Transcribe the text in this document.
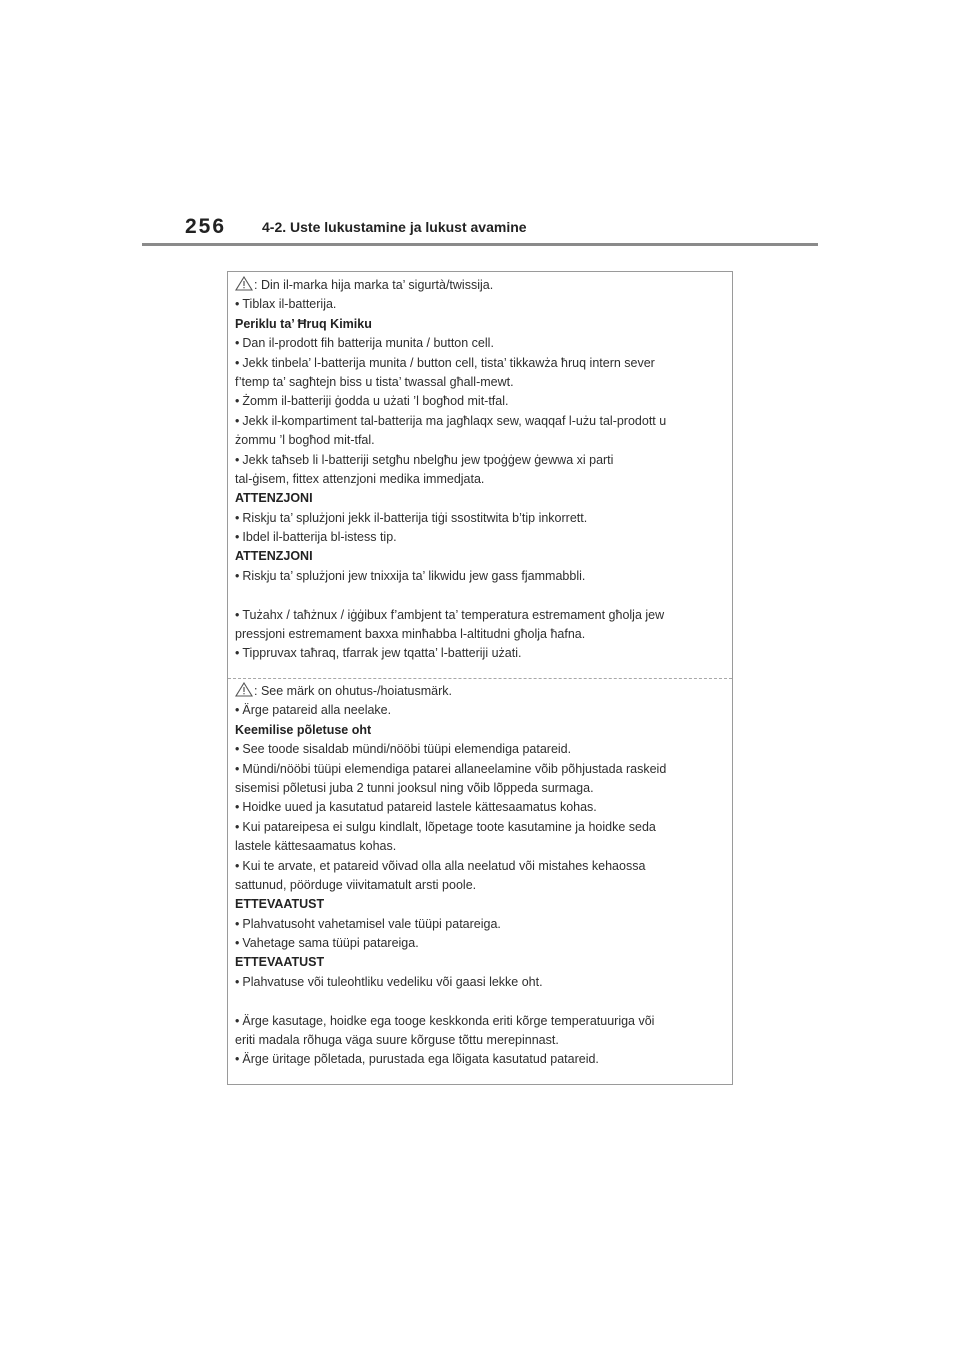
256	4-2. Uste lukustamine ja lukust avamine
: Din il-marka hija marka ta’ sigurtà/twissija.
• Tiblax il-batterija.
Periklu ta’ Ħruq Kimiku
• Dan il-prodott fih batterija munita / button cell.
• Jekk tinbela’ l-batterija munita / button cell, tista’ tikkawża ħruq intern sever
f’temp ta’ sagħtejn biss u tista’ twassal għall-mewt.
• Żomm il-batteriji ġodda u użati ’l bogħod mit-tfal.
• Jekk il-kompartiment tal-batterija ma jagħlaqx sew, waqqaf l-użu tal-prodott u
żommu ’l bogħod mit-tfal.
• Jekk taħseb li l-batteriji setgħu nbelgħu jew tpoġġew ġewwa xi parti
tal-ġisem, fittex attenzjoni medika immedjata.
ATTENZJONI
• Riskju ta’ splużjoni jekk il-batterija tiġi ssostitwita b’tip inkorrett.
• Ibdel il-batterija bl-istess tip.
ATTENZJONI
• Riskju ta’ splużjoni jew tnixxija ta’ likwidu jew gass fjammabbli.
• Tużahx / taħżnux / iġġibux f’ambjent ta’ temperatura estremament għolja jew
pressjoni estremament baxxa minħabba l-altitudni għolja ħafna.
• Tippruvax taħraq, tfarrak jew tqatta’ l-batteriji użati.
: See märk on ohutus-/hoiatusmärk.
• Ärge patareid alla neelake.
Keemilise põletuse oht
• See toode sisaldab mündi/nööbi tüüpi elemendiga patareid.
• Mündi/nööbi tüüpi elemendiga patarei allaneelamine võib põhjustada raskeid
sisemisi põletusi juba 2 tunni jooksul ning võib lõppeda surmaga.
• Hoidke uued ja kasutatud patareid lastele kättesaamatus kohas.
• Kui patareipesa ei sulgu kindlalt, lõpetage toote kasutamine ja hoidke seda
lastele kättesaamatus kohas.
• Kui te arvate, et patareid võivad olla alla neelatud või mistahes kehaossa
sattunud, pöörduge viivitamatult arsti poole.
ETTEVAATUST
• Plahvatusoht vahetamisel vale tüüpi patareiga.
• Vahetage sama tüüpi patareiga.
ETTEVAATUST
• Plahvatuse või tuleohtliku vedeliku või gaasi lekke oht.
• Ärge kasutage, hoidke ega tooge keskkonda eriti kõrge temperatuuriga või
eriti madala rõhuga väga suure kõrguse tõttu merepinnast.
• Ärge üritage põletada, purustada ega lõigata kasutatud patareid.
